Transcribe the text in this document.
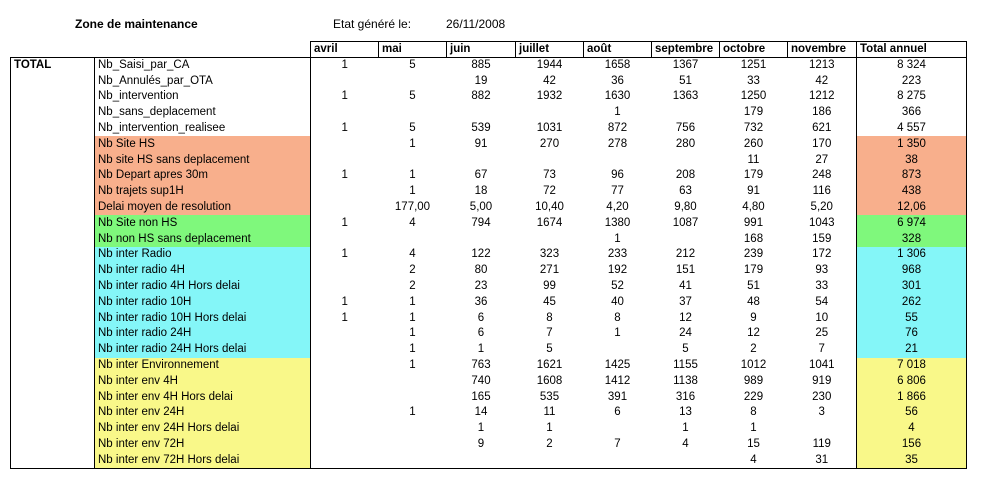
Zone de maintenance	Etat généré le:	26/11/2008
		avril	mai	juin	juillet	août	septembre	octobre	novembre	Total annuel
TOTAL	Nb_Saisi_par_CA	1	5	885	1944	1658	1367	1251	1213	8 324
	Nb_Annulés_par_OTA			19	42	36	51	33	42	223
	Nb_intervention	1	5	882	1932	1630	1363	1250	1212	8 275
	Nb_sans_deplacement					1		179	186	366
	Nb_intervention_realisee	1	5	539	1031	872	756	732	621	4 557
	Nb Site HS		1	91	270	278	280	260	170	1 350
	Nb site HS sans deplacement							11	27	38
	Nb Depart apres 30m	1	1	67	73	96	208	179	248	873
	Nb trajets sup1H		1	18	72	77	63	91	116	438
	Delai moyen de resolution		177,00	5,00	10,40	4,20	9,80	4,80	5,20	12,06
	Nb Site non HS	1	4	794	1674	1380	1087	991	1043	6 974
	Nb non HS sans deplacement					1		168	159	328
	Nb inter Radio	1	4	122	323	233	212	239	172	1 306
	Nb inter radio 4H		2	80	271	192	151	179	93	968
	Nb inter radio 4H Hors delai		2	23	99	52	41	51	33	301
	Nb inter radio 10H	1	1	36	45	40	37	48	54	262
	Nb inter radio 10H Hors delai	1	1	6	8	8	12	9	10	55
	Nb inter radio 24H		1	6	7	1	24	12	25	76
	Nb inter radio 24H Hors delai		1	1	5		5	2	7	21
	Nb inter Environnement		1	763	1621	1425	1155	1012	1041	7 018
	Nb inter env 4H			740	1608	1412	1138	989	919	6 806
	Nb inter env 4H Hors delai			165	535	391	316	229	230	1 866
	Nb inter env 24H		1	14	11	6	13	8	3	56
	Nb inter env 24H Hors delai			1	1		1	1		4
	Nb inter env 72H			9	2	7	4	15	119	156
	Nb inter env 72H Hors delai							4	31	35
